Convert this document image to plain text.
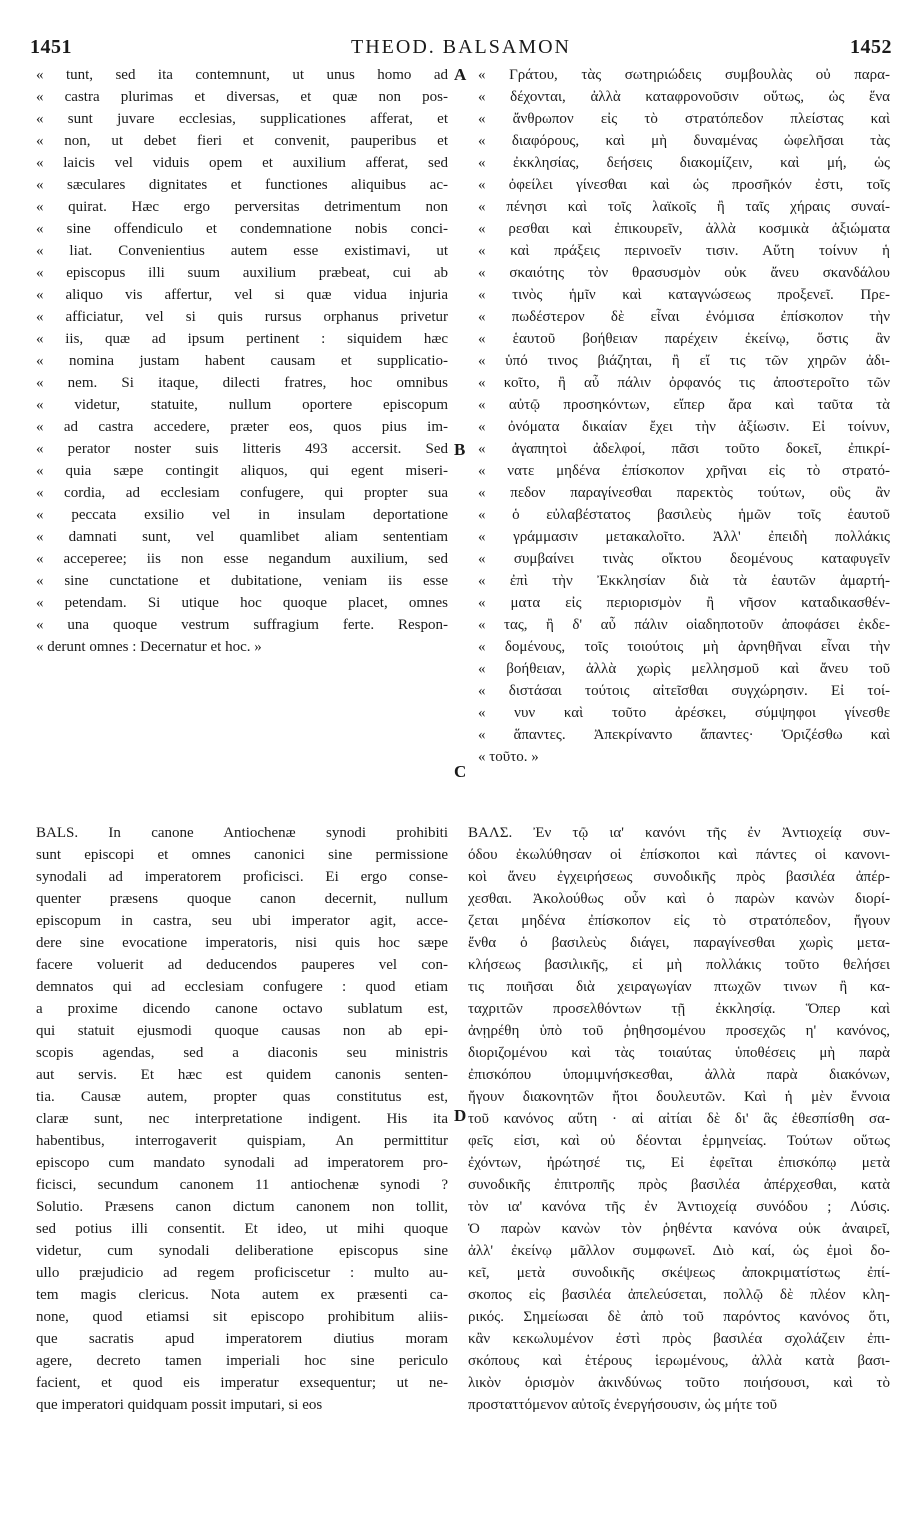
1451	THEOD. BALSAMON	1452
A
B
C
D
« tunt, sed ita contemnunt, ut unus homo ad
« castra plurimas et diversas, et quæ non pos-
« sunt juvare ecclesias, supplicationes afferat, et
« non, ut debet fieri et convenit, pauperibus et
« laicis vel viduis opem et auxilium afferat, sed
« sæculares dignitates et functiones aliquibus ac-
« quirat. Hæc ergo perversitas detrimentum non
« sine offendiculo et condemnatione nobis conci-
« liat. Convenientius autem esse existimavi, ut
« episcopus illi suum auxilium præbeat, cui ab
« aliquo vis affertur, vel si quæ vidua injuria
« afficiatur, vel si quis rursus orphanus privetur
« iis, quæ ad ipsum pertinent : siquidem hæc
« nomina justam habent causam et supplicatio-
« nem. Si itaque, dilecti fratres, hoc omnibus
« videtur, statuite, nullum oportere episcopum
« ad castra accedere, præter eos, quos pius im-
« perator noster suis litteris 493 accersit. Sed
« quia sæpe contingit aliquos, qui egent miseri-
« cordia, ad ecclesiam confugere, qui propter sua
« peccata exsilio vel in insulam deportatione
« damnati sunt, vel quamlibet aliam sententiam
« acceperee; iis non esse negandum auxilium, sed
« sine cunctatione et dubitatione, veniam iis esse
« petendam. Si utique hoc quoque placet, omnes
« una quoque vestrum suffragium ferte. Respon-
« derunt omnes : Decernatur et hoc. »
« Γράτου, τὰς σωτηριώδεις συμβουλὰς οὐ παρα-
« δέχονται, ἀλλὰ καταφρονοῦσιν οὕτως, ὡς ἕνα
« ἄνθρωπον εἰς τὸ στρατόπεδον πλείστας καὶ
« διαφόρους, καὶ μὴ δυναμένας ὠφελῆσαι τὰς
« ἐκκλησίας, δεήσεις διακομίζειν, καὶ μή, ὡς
« ὀφείλει γίνεσθαι καὶ ὡς προσῆκόν ἐστι, τοῖς
« πένησι καὶ τοῖς λαϊκοῖς ἢ ταῖς χήραις συναί-
« ρεσθαι καὶ ἐπικουρεῖν, ἀλλὰ κοσμικὰ ἀξιώματα
« καὶ πράξεις περινοεῖν τισιν. Αὕτη τοίνυν ἡ
« σκαιότης τὸν θρασυσμὸν οὐκ ἄνευ σκανδάλου
« τινὸς ἡμῖν καὶ καταγνώσεως προξενεῖ. Πρε-
« πωδέστερον δὲ εἶναι ἐνόμισα ἐπίσκοπον τὴν
« ἑαυτοῦ βοήθειαν παρέχειν ἐκείνῳ, ὅστις ἂν
« ὑπό τινος βιάζηται, ἢ εἴ τις τῶν χηρῶν ἀδι-
« κοῖτο, ἢ αὖ πάλιν ὀρφανός τις ἀποστεροῖτο τῶν
« αὐτῷ προσηκόντων, εἴπερ ἄρα καὶ ταῦτα τὰ
« ὀνόματα δικαίαν ἔχει τὴν ἀξίωσιν. Εἰ τοίνυν,
« ἀγαπητοὶ ἀδελφοί, πᾶσι τοῦτο δοκεῖ, ἐπικρί-
« νατε μηδένα ἐπίσκοπον χρῆναι εἰς τὸ στρατό-
« πεδον παραγίνεσθαι παρεκτὸς τούτων, οὓς ἂν
« ὁ εὐλαβέστατος βασιλεὺς ἡμῶν τοῖς ἑαυτοῦ
« γράμμασιν μετακαλοῖτο. Ἀλλ' ἐπειδὴ πολλάκις
« συμβαίνει τινὰς οἴκτου δεομένους καταφυγεῖν
« ἐπὶ τὴν Ἐκκλησίαν διὰ τὰ ἑαυτῶν ἁμαρτή-
« ματα εἰς περιορισμὸν ἢ νῆσον καταδικασθέν-
« τας, ἢ δ' αὖ πάλιν οἱαδηποτοῦν ἀποφάσει ἐκδε-
« δομένους, τοῖς τοιούτοις μὴ ἀρνηθῆναι εἶναι τὴν
« βοήθειαν, ἀλλὰ χωρὶς μελλησμοῦ καὶ ἄνευ τοῦ
« διστάσαι τούτοις αἰτεῖσθαι συγχώρησιν. Εἰ τοί-
« νυν καὶ τοῦτο ἀρέσκει, σύμψηφοι γίνεσθε
« ἅπαντες. Ἀπεκρίναντο ἅπαντες· Ὁριζέσθω καὶ
« τοῦτο. »
BALS. In canone Antiochenæ synodi prohibiti
sunt episcopi et omnes canonici sine permissione
synodali ad imperatorem proficisci. Ei ergo conse-
quenter præsens quoque canon decernit, nullum
episcopum in castra, seu ubi imperator agit, acce-
dere sine evocatione imperatoris, nisi quis hoc sæpe
facere voluerit ad deducendos pauperes vel con-
demnatos qui ad ecclesiam confugere : quod etiam
a proxime dicendo canone octavo sublatum est,
qui statuit ejusmodi quoque causas non ab epi-
scopis agendas, sed a diaconis seu ministris
aut servis. Et hæc est quidem canonis senten-
tia. Causæ autem, propter quas constitutus est,
claræ sunt, nec interpretatione indigent. His ita
habentibus, interrogaverit quispiam, An permittitur
episcopo cum mandato synodali ad imperatorem pro-
ficisci, secundum canonem 11 antiochenæ synodi ?
Solutio. Præsens canon dictum canonem non tollit,
sed potius illi consentit. Et ideo, ut mihi quoque
videtur, cum synodali deliberatione episcopus sine
ullo præjudicio ad regem proficiscetur : multo au-
tem magis clericus. Nota autem ex præsenti ca-
none, quod etiamsi sit episcopo prohibitum aliis-
que sacratis apud imperatorem diutius moram
agere, decreto tamen imperiali hoc sine periculo
facient, et quod eis imperatur exsequentur; ut ne-
que imperatori quidquam possit imputari, si eos
ΒΑΛΣ. Ἐν τῷ ια' κανόνι τῆς ἐν Ἀντιοχείᾳ συν-
όδου ἐκωλύθησαν οἱ ἐπίσκοποι καὶ πάντες οἱ κανονι-
κοὶ ἄνευ ἐγχειρήσεως συνοδικῆς πρὸς βασιλέα ἀπέρ-
χεσθαι. Ἀκολούθως οὖν καὶ ὁ παρὼν κανὼν διορί-
ζεται μηδένα ἐπίσκοπον εἰς τὸ στρατόπεδον, ἤγουν
ἔνθα ὁ βασιλεὺς διάγει, παραγίνεσθαι χωρὶς μετα-
κλήσεως βασιλικῆς, εἰ μὴ πολλάκις τοῦτο θελήσει
τις ποιῆσαι διὰ χειραγωγίαν πτωχῶν τινων ἢ κα-
ταχριτῶν προσελθόντων τῇ ἐκκλησίᾳ. Ὅπερ καὶ
ἀνῃρέθη ὑπὸ τοῦ ῥηθησομένου προσεχῶς η' κανόνος,
διοριζομένου καὶ τὰς τοιαύτας ὑποθέσεις μὴ παρὰ
ἐπισκόπου ὑπομιμνήσκεσθαι, ἀλλὰ παρὰ διακόνων,
ἤγουν διακονητῶν ἤτοι δουλευτῶν. Καὶ ἡ μὲν ἔννοια
τοῦ κανόνος αὕτη · αἱ αἰτίαι δὲ δι' ἃς ἐθεσπίσθη σα-
φεῖς εἰσι, καὶ οὐ δέονται ἑρμηνείας. Τούτων οὕτως
ἐχόντων, ἠρώτησέ τις, Εἰ ἐφεῖται ἐπισκόπῳ μετὰ
συνοδικῆς ἐπιτροπῆς πρὸς βασιλέα ἀπέρχεσθαι, κατὰ
τὸν ια' κανόνα τῆς ἐν Ἀντιοχείᾳ συνόδου ; Λύσις.
Ὁ παρὼν κανὼν τὸν ῥηθέντα κανόνα οὐκ ἀναιρεῖ,
ἀλλ' ἐκείνῳ μᾶλλον συμφωνεῖ. Διὸ καί, ὡς ἐμοὶ δο-
κεῖ, μετὰ συνοδικῆς σκέψεως ἀποκριματίστως ἐπί-
σκοπος εἰς βασιλέα ἀπελεύσεται, πολλῷ δὲ πλέον κλη-
ρικός. Σημείωσαι δὲ ἀπὸ τοῦ παρόντος κανόνος ὅτι,
κἂν κεκωλυμένον ἐστὶ πρὸς βασιλέα σχολάζειν ἐπι-
σκόπους καὶ ἑτέρους ἱερωμένους, ἀλλὰ κατὰ βασι-
λικὸν ὁρισμὸν ἀκινδύνως τοῦτο ποιήσουσι, καὶ τὸ
προσταττόμενον αὐτοῖς ἐνεργήσουσιν, ὡς μήτε τοῦ
